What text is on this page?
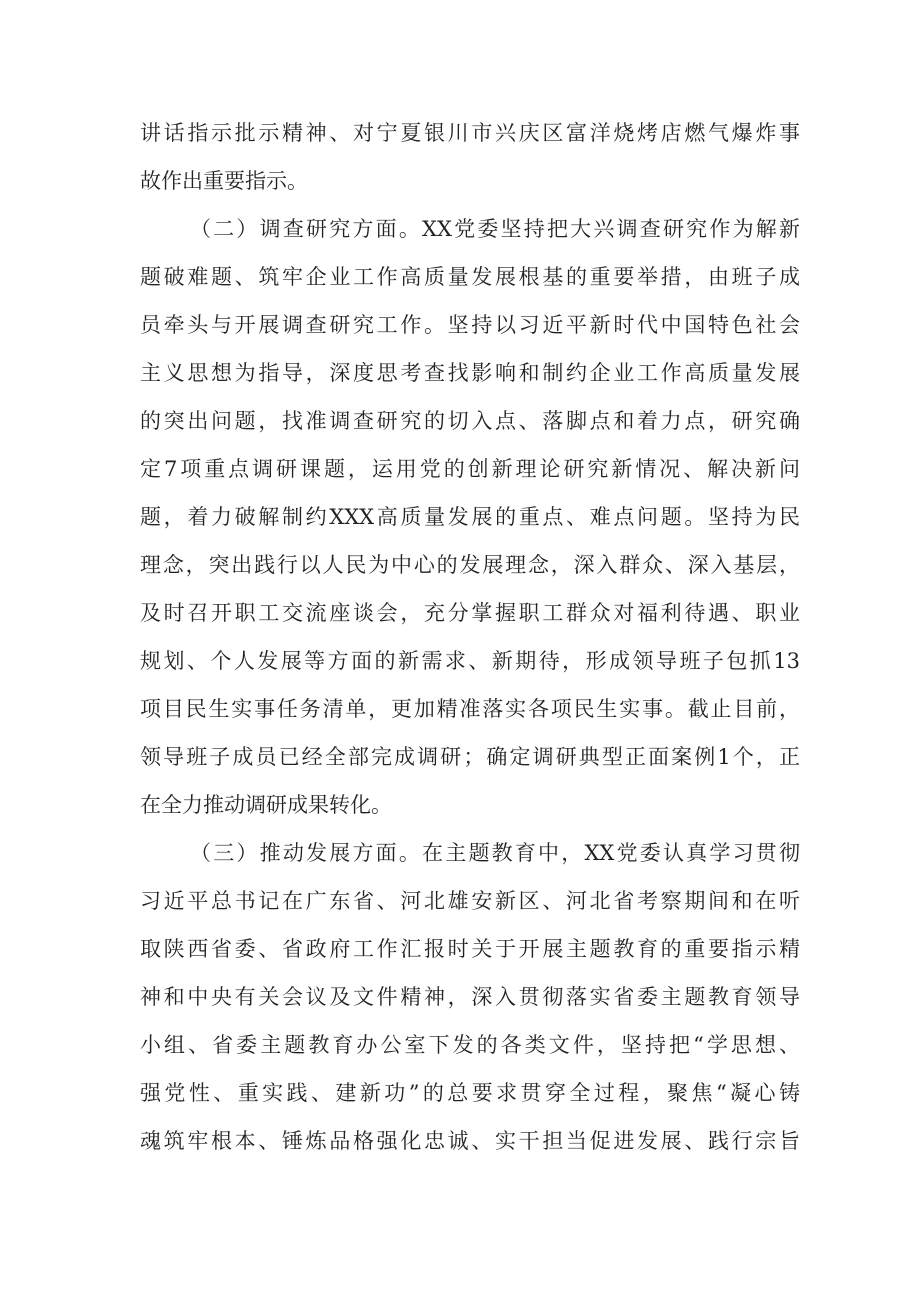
讲话指示批示精神、对宁夏银川市兴庆区富洋烧烤店燃气爆炸事
故作出重要指示。
（二）调查研究方面。XX党委坚持把大兴调查研究作为解新
题破难题、筑牢企业工作高质量发展根基的重要举措，由班子成
员牵头与开展调查研究工作。坚持以习近平新时代中国特色社会
主义思想为指导，深度思考查找影响和制约企业工作高质量发展
的突出问题，找准调查研究的切入点、落脚点和着力点，研究确
定7项重点调研课题，运用党的创新理论研究新情况、解决新问
题，着力破解制约XXX高质量发展的重点、难点问题。坚持为民
理念，突出践行以人民为中心的发展理念，深入群众、深入基层，
及时召开职工交流座谈会，充分掌握职工群众对福利待遇、职业
规划、个人发展等方面的新需求、新期待，形成领导班子包抓13
项目民生实事任务清单，更加精准落实各项民生实事。截止目前，
领导班子成员已经全部完成调研；确定调研典型正面案例1个，正
在全力推动调研成果转化。
（三）推动发展方面。在主题教育中，XX党委认真学习贯彻
习近平总书记在广东省、河北雄安新区、河北省考察期间和在听
取陕西省委、省政府工作汇报时关于开展主题教育的重要指示精
神和中央有关会议及文件精神，深入贯彻落实省委主题教育领导
小组、省委主题教育办公室下发的各类文件，坚持把“学思想、
强党性、重实践、建新功”的总要求贯穿全过程，聚焦“凝心铸
魂筑牢根本、锤炼品格强化忠诚、实干担当促进发展、践行宗旨
